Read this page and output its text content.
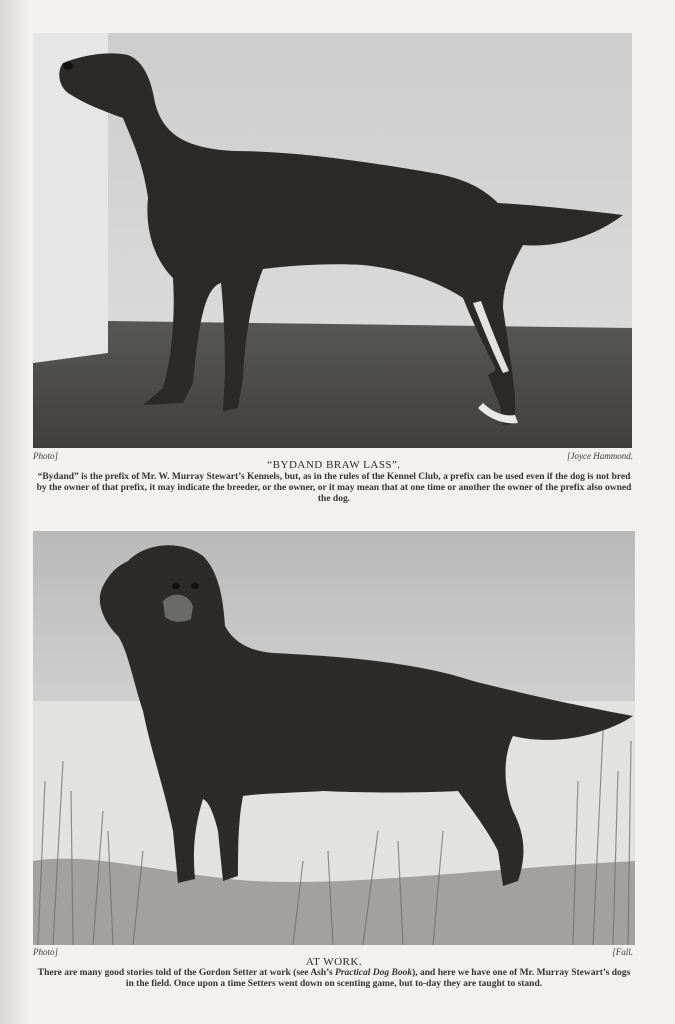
Photo]	[Joyce Hammond.
“BYDAND BRAW LASS”.
“Bydand” is the prefix of Mr. W. Murray Stewart’s Kennels, but, as in the rules of the Kennel Club, a prefix can be used even if the dog is not bred by the owner of that prefix, it may indicate the breeder, or the owner, or it may mean that at one time or another the owner of the prefix also owned the dog.
Photo]	[Fall.
AT WORK.
There are many good stories told of the Gordon Setter at work (see Ash’s Practical Dog Book), and here we have one of Mr. Murray Stewart’s dogs in the field. Once upon a time Setters went down on scenting game, but to-day they are taught to stand.
